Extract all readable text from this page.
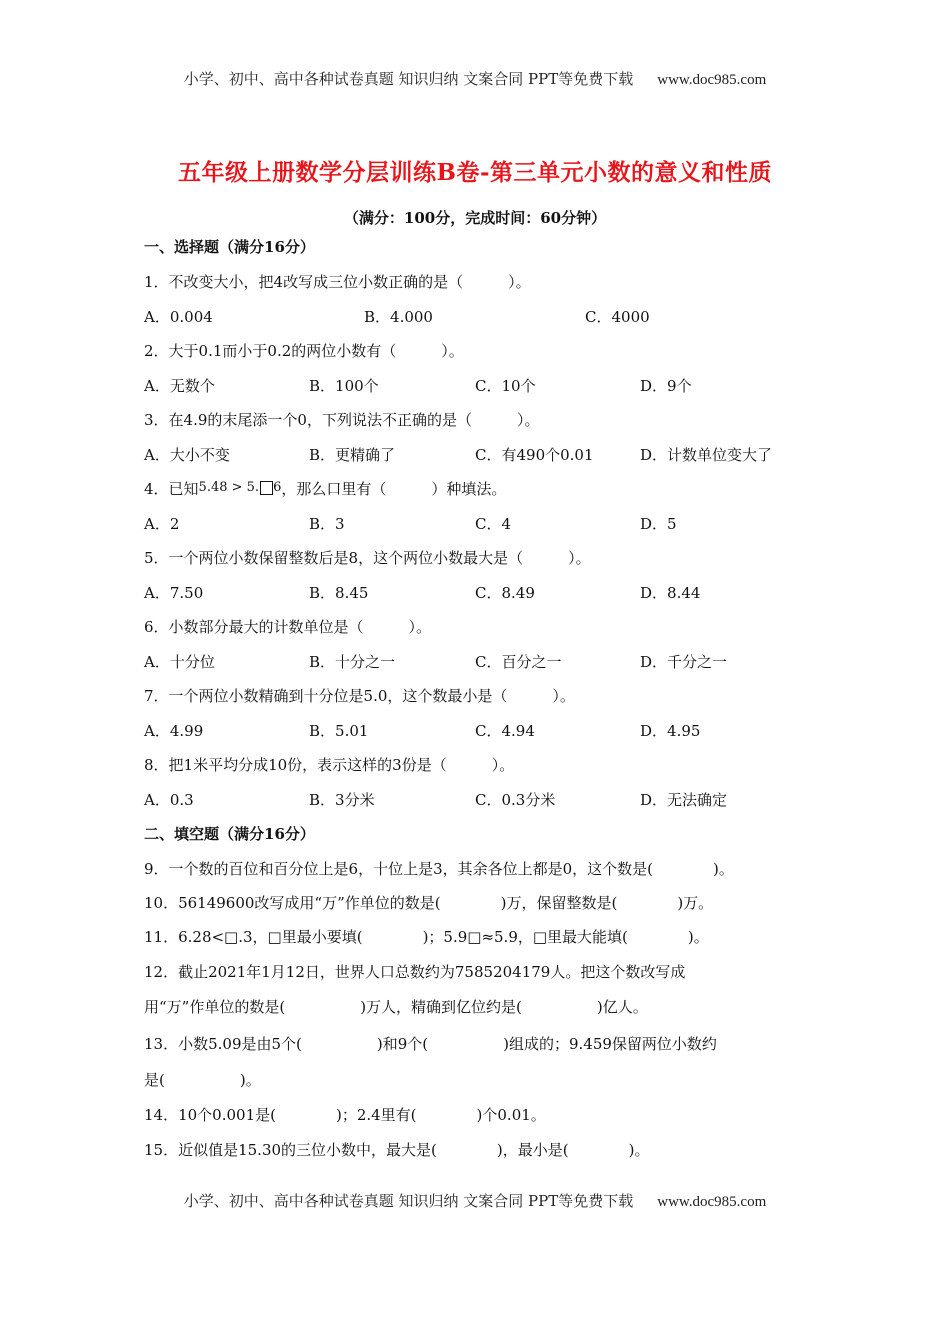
小学、初中、高中各种试卷真题 知识归纳 文案合同 PPT等免费下载 www.doc985.com
五年级上册数学分层训练B卷-第三单元小数的意义和性质
（满分：100分，完成时间：60分钟）
一、选择题（满分16分）
1．不改变大小，把4改写成三位小数正确的是（　　　）。
A．0.004	B．4.000	C．4000
2．大于0.1而小于0.2的两位小数有（　　　）。
A．无数个	B．100个	C．10个	D．9个
3．在4.9的末尾添一个0，下列说法不正确的是（　　　）。
A．大小不变	B．更精确了	C．有490个0.01	D．计数单位变大了
4．已知5.48 > 5. 6，那么口里有（　　　）种填法。
A．2	B．3	C．4	D．5
5．一个两位小数保留整数后是8，这个两位小数最大是（　　　）。
A．7.50	B．8.45	C．8.49	D．8.44
6．小数部分最大的计数单位是（　　　）。
A．十分位	B．十分之一	C．百分之一	D．千分之一
7．一个两位小数精确到十分位是5.0，这个数最小是（　　　）。
A．4.99	B．5.01	C．4.94	D．4.95
8．把1米平均分成10份，表示这样的3份是（　　　）。
A．0.3	B．3分米	C．0.3分米	D．无法确定
二、填空题（满分16分）
9．一个数的百位和百分位上是6，十位上是3，其余各位上都是0，这个数是(　　　　)。
10．56149600改写成用“万”作单位的数是(　　　　)万，保留整数是(　　　　)万。
11．6.28<□.3，□里最小要填(　　　　)；5.9□≈5.9，□里最大能填(　　　　)。
12．截止2021年1月12日，世界人口总数约为7585204179人。把这个数改写成
用“万”作单位的数是(　　　　　)万人，精确到亿位约是(　　　　　)亿人。
13．小数5.09是由5个(　　　　　)和9个(　　　　　)组成的；9.459保留两位小数约
是(　　　　　)。
14．10个0.001是(　　　　)；2.4里有(　　　　)个0.01。
15．近似值是15.30的三位小数中，最大是(　　　　)，最小是(　　　　)。
小学、初中、高中各种试卷真题 知识归纳 文案合同 PPT等免费下载 www.doc985.com
